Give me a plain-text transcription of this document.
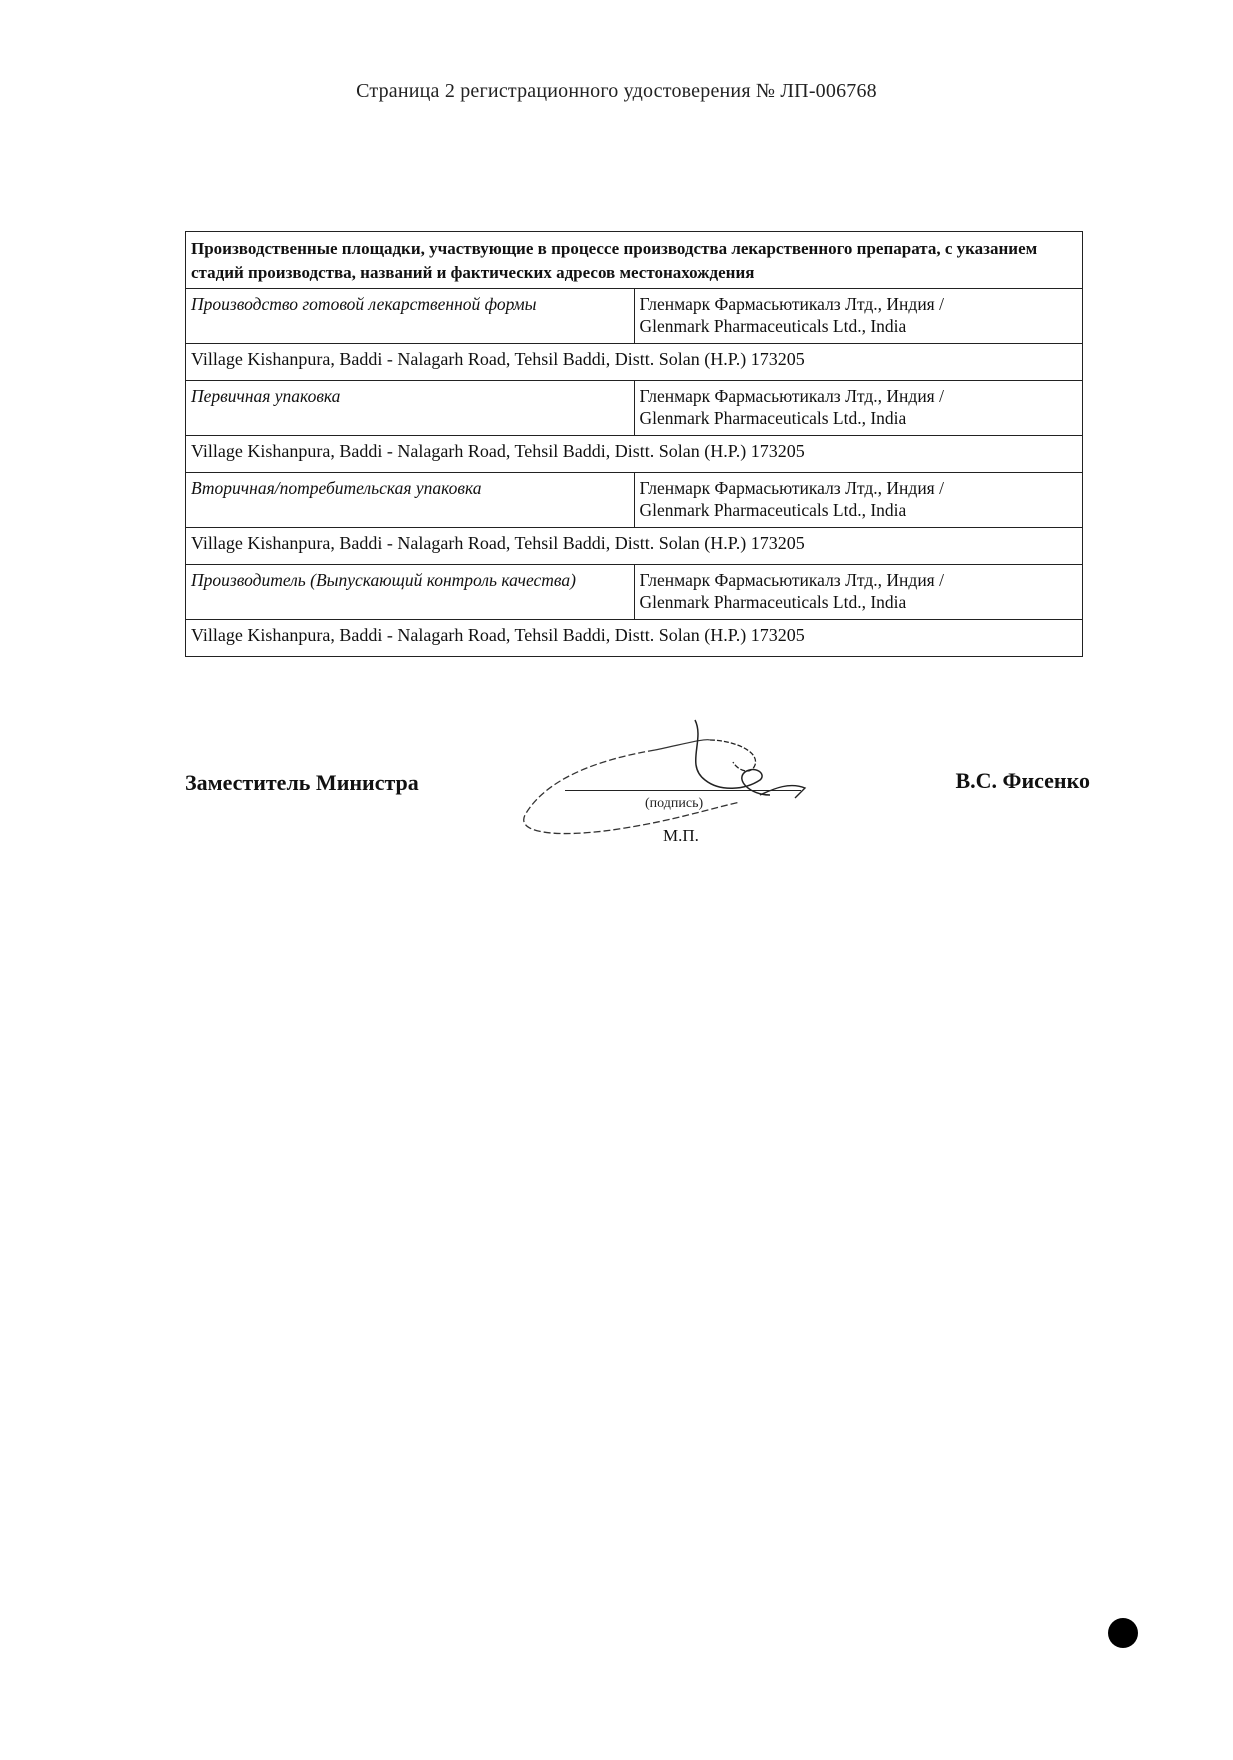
Страница 2 регистрационного удостоверения № ЛП-006768
Производственные площадки, участвующие в процессе производства лекарственного препарата, с указанием стадий производства, названий и фактических адресов местонахождения	
Производство готовой лекарственной формы	Гленмарк Фармасьютикалз Лтд., Индия /
Glenmark Pharmaceuticals Ltd., India

Village Kishanpura, Baddi - Nalagarh Road, Tehsil Baddi, Distt. Solan (H.P.) 173205	
Первичная упаковка	Гленмарк Фармасьютикалз Лтд., Индия /
Glenmark Pharmaceuticals Ltd., India

Village Kishanpura, Baddi - Nalagarh Road, Tehsil Baddi, Distt. Solan (H.P.) 173205	
Вторичная/потребительская упаковка	Гленмарк Фармасьютикалз Лтд., Индия /
Glenmark Pharmaceuticals Ltd., India

Village Kishanpura, Baddi - Nalagarh Road, Tehsil Baddi, Distt. Solan (H.P.) 173205	
Производитель (Выпускающий контроль качества)	Гленмарк Фармасьютикалз Лтд., Индия /
Glenmark Pharmaceuticals Ltd., India

Village Kishanpura, Baddi - Nalagarh Road, Tehsil Baddi, Distt. Solan (H.P.) 173205	
Заместитель Министра
(подпись)
М.П.
В.С. Фисенко
